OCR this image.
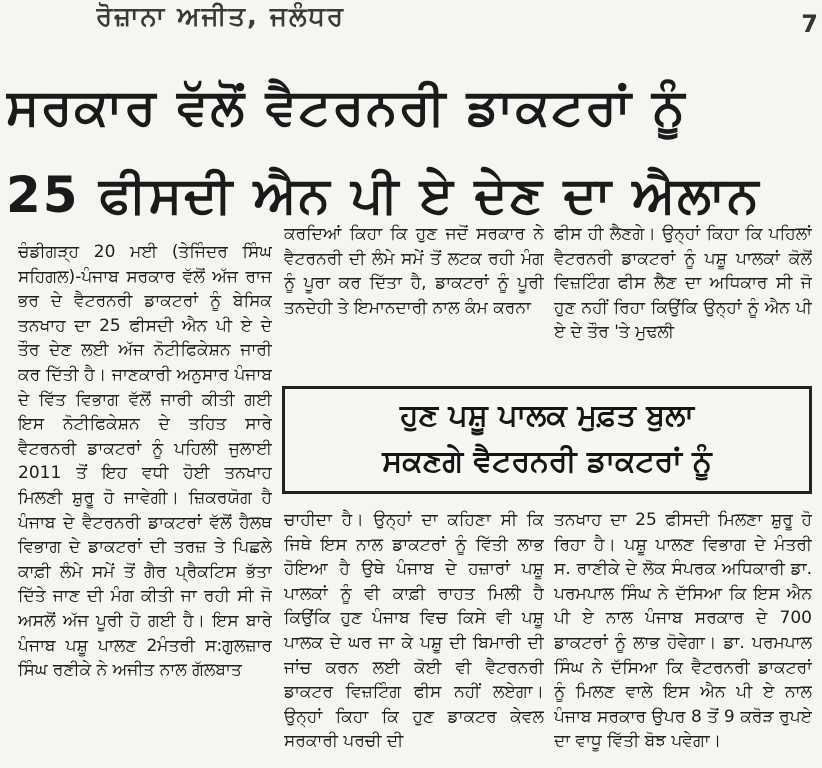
ਰੋਜ਼ਾਨਾ ਅਜੀਤ, ਜਲੰਧਰ	7
ਸਰਕਾਰ ਵੱਲੋਂ ਵੈਟਰਨਰੀ ਡਾਕਟਰਾਂ ਨੂੰ
25 ਫੀਸਦੀ ਐਨ ਪੀ ਏ ਦੇਣ ਦਾ ਐਲਾਨ

ਚੰਡੀਗੜ੍ਹ 20 ਮਈ (ਤੇਜਿੰਦਰ ਸਿੰਘ ਸਹਿਗਲ)-ਪੰਜਾਬ ਸਰਕਾਰ ਵੱਲੋਂ ਅੱਜ ਰਾਜ ਭਰ ਦੇ ਵੈਟਰਨਰੀ ਡਾਕਟਰਾਂ ਨੂੰ ਬੇਸਿਕ ਤਨਖਾਹ ਦਾ 25 ਫੀਸਦੀ ਐਨ ਪੀ ਏ ਦੇ ਤੌਰ ਦੇਣ ਲਈ ਅੱਜ ਨੋਟੀਫਿਕੇਸ਼ਨ ਜਾਰੀ ਕਰ ਦਿੱਤੀ ਹੈ। ਜਾਣਕਾਰੀ ਅਨੁਸਾਰ ਪੰਜਾਬ ਦੇ ਵਿੱਤ ਵਿਭਾਗ ਵੱਲੋਂ ਜਾਰੀ ਕੀਤੀ ਗਈ ਇਸ ਨੋਟੀਫਿਕੇਸ਼ਨ ਦੇ ਤਹਿਤ ਸਾਰੇ ਵੈਟਰਨਰੀ ਡਾਕਟਰਾਂ ਨੂੰ ਪਹਿਲੀ ਜੁਲਾਈ 2011 ਤੋਂ ਇਹ ਵਧੀ ਹੋਈ ਤਨਖਾਹ ਮਿਲਣੀ ਸ਼ੁਰੂ ਹੋ ਜਾਵੇਗੀ। ਜ਼ਿਕਰਯੋਗ ਹੈ ਪੰਜਾਬ ਦੇ ਵੈਟਰਨਰੀ ਡਾਕਟਰਾਂ ਵੱਲੋਂ ਹੈਲਥ ਵਿਭਾਗ ਦੇ ਡਾਕਟਰਾਂ ਦੀ ਤਰਜ਼ ਤੇ ਪਿਛਲੇ ਕਾਫ਼ੀ ਲੰਮੇ ਸਮੇਂ ਤੋਂ ਗੈਰ ਪ੍ਰੈਕਟਿਸ ਭੱਤਾ ਦਿੱਤੇ ਜਾਣ ਦੀ ਮੰਗ ਕੀਤੀ ਜਾ ਰਹੀ ਸੀ ਜੋ ਅਸਲੋਂ ਅੱਜ ਪੂਰੀ ਹੋ ਗਈ ਹੈ। ਇਸ ਬਾਰੇ ਪੰਜਾਬ ਪਸ਼ੂ ਪਾਲਣ 2ਮੰਤਰੀ ਸ:ਗੁਲਜ਼ਾਰ ਸਿੰਘ ਰਣੀਕੇ ਨੇ ਅਜੀਤ ਨਾਲ ਗੱਲਬਾਤ

ਕਰਦਿਆਂ ਕਿਹਾ ਕਿ ਹੁਣ ਜਦੋਂ ਸਰਕਾਰ ਨੇ ਵੈਟਰਨਰੀ ਦੀ ਲੰਮੇ ਸਮੇਂ ਤੋਂ ਲਟਕ ਰਹੀ ਮੰਗ ਨੂੰ ਪੂਰਾ ਕਰ ਦਿੱਤਾ ਹੈ, ਡਾਕਟਰਾਂ ਨੂੰ ਪੂਰੀ ਤਨਦੇਹੀ ਤੇ ਇਮਾਨਦਾਰੀ ਨਾਲ ਕੰਮ ਕਰਨਾ

ਫੀਸ ਹੀ ਲੈਣਗੇ। ਉਨ੍ਹਾਂ ਕਿਹਾ ਕਿ ਪਹਿਲਾਂ ਵੈਟਰਨਰੀ ਡਾਕਟਰਾਂ ਨੂੰ ਪਸ਼ੂ ਪਾਲਕਾਂ ਕੋਲੋਂ ਵਿਜ਼ਟਿੰਗ ਫੀਸ ਲੈਣ ਦਾ ਅਧਿਕਾਰ ਸੀ ਜੋ ਹੁਣ ਨਹੀਂ ਰਿਹਾ ਕਿਉਂਕਿ ਉਨ੍ਹਾਂ ਨੂੰ ਐਨ ਪੀ ਏ ਦੇ ਤੌਰ 'ਤੇ ਮੁਢਲੀ

ਹੁਣ ਪਸ਼ੂ ਪਾਲਕ ਮੁਫ਼ਤ ਬੁਲਾ
ਸਕਣਗੇ ਵੈਟਰਨਰੀ ਡਾਕਟਰਾਂ ਨੂੰ

ਚਾਹੀਦਾ ਹੈ। ਉਨ੍ਹਾਂ ਦਾ ਕਹਿਣਾ ਸੀ ਕਿ ਜਿਥੇ ਇਸ ਨਾਲ ਡਾਕਟਰਾਂ ਨੂੰ ਵਿੱਤੀ ਲਾਭ ਹੋਇਆ ਹੈ ਉਥੇ ਪੰਜਾਬ ਦੇ ਹਜ਼ਾਰਾਂ ਪਸ਼ੂ ਪਾਲਕਾਂ ਨੂੰ ਵੀ ਕਾਫ਼ੀ ਰਾਹਤ ਮਿਲੀ ਹੈ ਕਿਉਂਕਿ ਹੁਣ ਪੰਜਾਬ ਵਿਚ ਕਿਸੇ ਵੀ ਪਸ਼ੂ ਪਾਲਕ ਦੇ ਘਰ ਜਾ ਕੇ ਪਸ਼ੂ ਦੀ ਬਿਮਾਰੀ ਦੀ ਜਾਂਚ ਕਰਨ ਲਈ ਕੋਈ ਵੀ ਵੈਟਰਨਰੀ ਡਾਕਟਰ ਵਿਜ਼ਟਿੰਗ ਫੀਸ ਨਹੀਂ ਲਏਗਾ। ਉਨ੍ਹਾਂ ਕਿਹਾ ਕਿ ਹੁਣ ਡਾਕਟਰ ਕੇਵਲ ਸਰਕਾਰੀ ਪਰਚੀ ਦੀ

ਤਨਖਾਹ ਦਾ 25 ਫੀਸਦੀ ਮਿਲਣਾ ਸ਼ੁਰੂ ਹੋ ਰਿਹਾ ਹੈ। ਪਸ਼ੂ ਪਾਲਣ ਵਿਭਾਗ ਦੇ ਮੰਤਰੀ ਸ. ਰਾਣੀਕੇ ਦੇ ਲੋਕ ਸੰਪਰਕ ਅਧਿਕਾਰੀ ਡਾ. ਪਰਮਪਾਲ ਸਿੰਘ ਨੇ ਦੱਸਿਆ ਕਿ ਇਸ ਐਨ ਪੀ ਏ ਨਾਲ ਪੰਜਾਬ ਸਰਕਾਰ ਦੇ 700 ਡਾਕਟਰਾਂ ਨੂੰ ਲਾਭ ਹੋਵੇਗਾ। ਡਾ. ਪਰਮਪਾਲ ਸਿੰਘ ਨੇ ਦੱਸਿਆ ਕਿ ਵੈਟਰਨਰੀ ਡਾਕਟਰਾਂ ਨੂੰ ਮਿਲਣ ਵਾਲੇ ਇਸ ਐਨ ਪੀ ਏ ਨਾਲ ਪੰਜਾਬ ਸਰਕਾਰ ਉਪਰ 8 ਤੋਂ 9 ਕਰੋੜ ਰੁਪਏ ਦਾ ਵਾਧੂ ਵਿੱਤੀ ਬੋਝ ਪਵੇਗਾ।
